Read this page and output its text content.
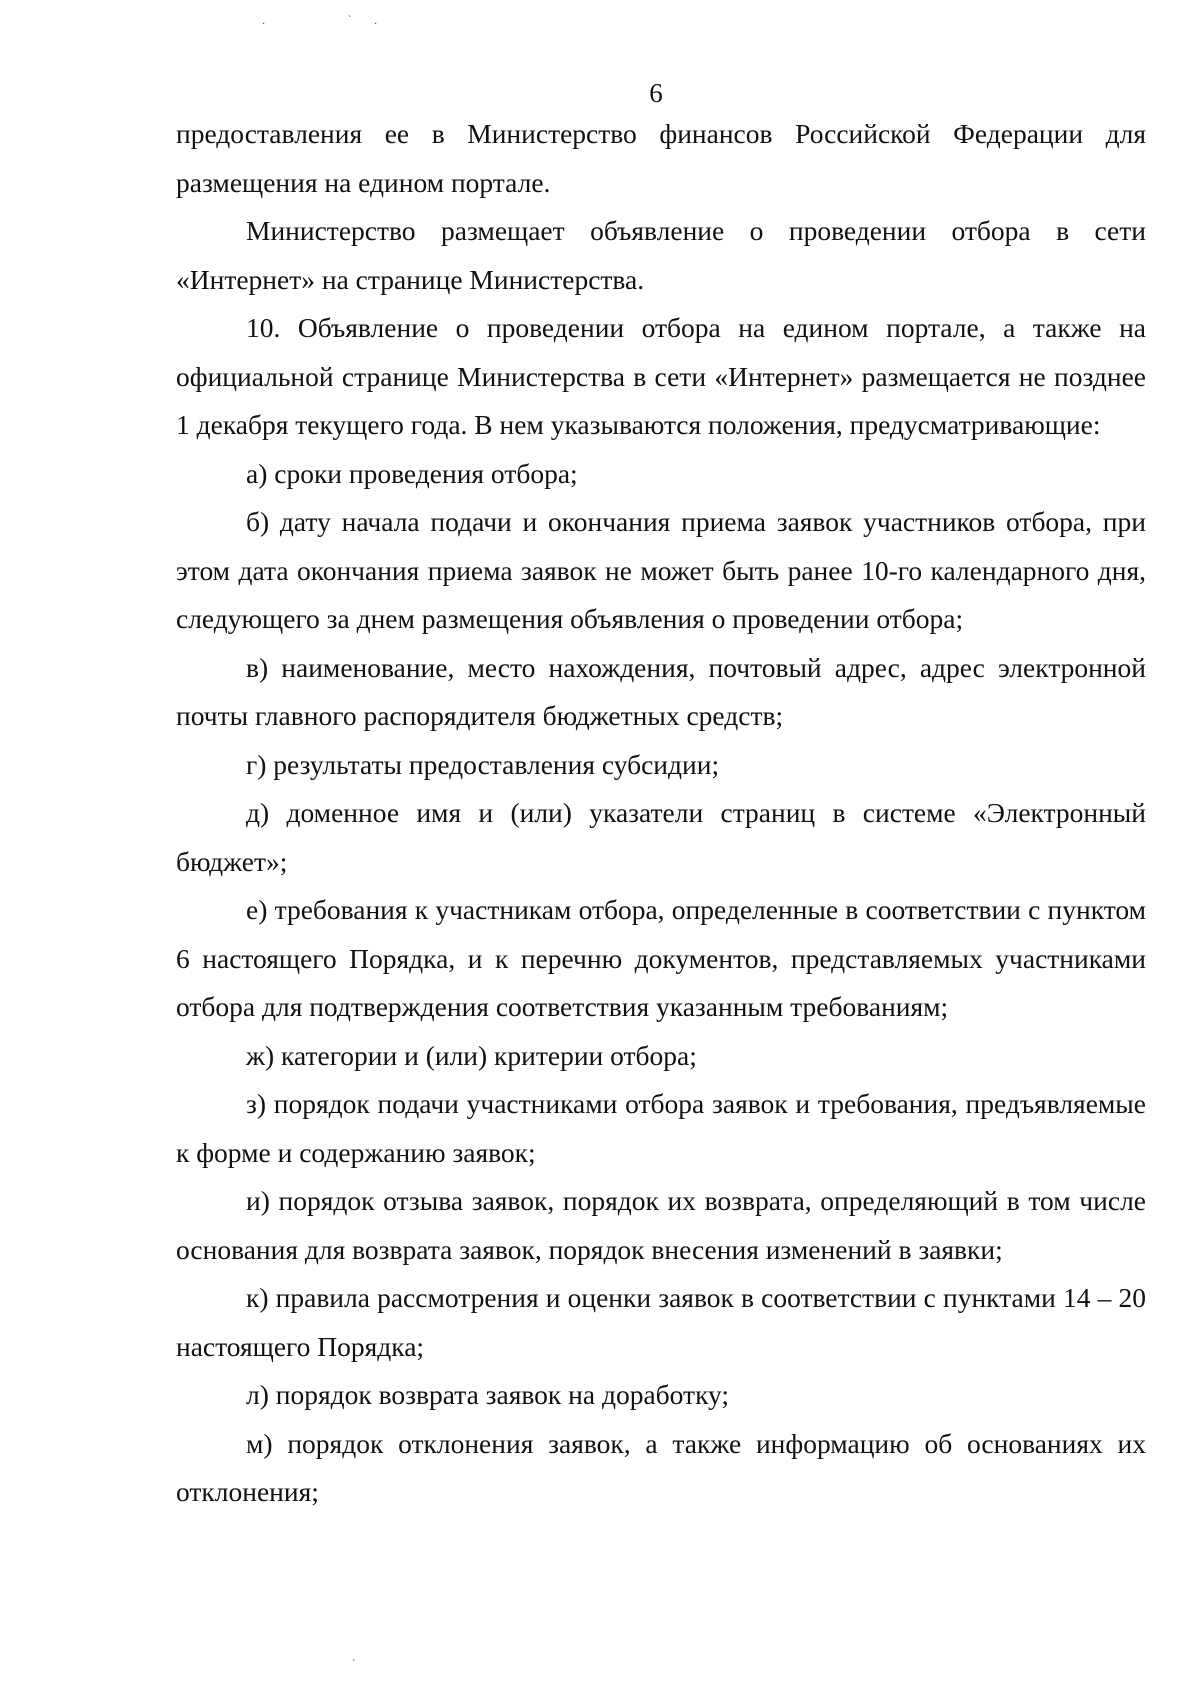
·	ˋ ·
ˋ
6

предоставления ее в Министерство финансов Российской Федерации для размещения на едином портале.

Министерство размещает объявление о проведении отбора в сети «Интернет» на странице Министерства.

10. Объявление о проведении отбора на едином портале, а также на официальной странице Министерства в сети «Интернет» размещается не позднее 1 декабря текущего года. В нем указываются положения, предусматривающие:

а) сроки проведения отбора;

б) дату начала подачи и окончания приема заявок участников отбора, при этом дата окончания приема заявок не может быть ранее 10-го календарного дня, следующего за днем размещения объявления о проведении отбора;

в) наименование, место нахождения, почтовый адрес, адрес электронной почты главного распорядителя бюджетных средств;

г) результаты предоставления субсидии;

д) доменное имя и (или) указатели страниц в системе «Электронный бюджет»;

е) требования к участникам отбора, определенные в соответствии с пунктом 6 настоящего Порядка, и к перечню документов, представляемых участниками отбора для подтверждения соответствия указанным требованиям;

ж) категории и (или) критерии отбора;

з) порядок подачи участниками отбора заявок и требования, предъявляемые к форме и содержанию заявок;

и) порядок отзыва заявок, порядок их возврата, определяющий в том числе основания для возврата заявок, порядок внесения изменений в заявки;

к) правила рассмотрения и оценки заявок в соответствии с пунктами 14 – 20 настоящего Порядка;

л) порядок возврата заявок на доработку;

м) порядок отклонения заявок, а также информацию об основаниях их отклонения;
